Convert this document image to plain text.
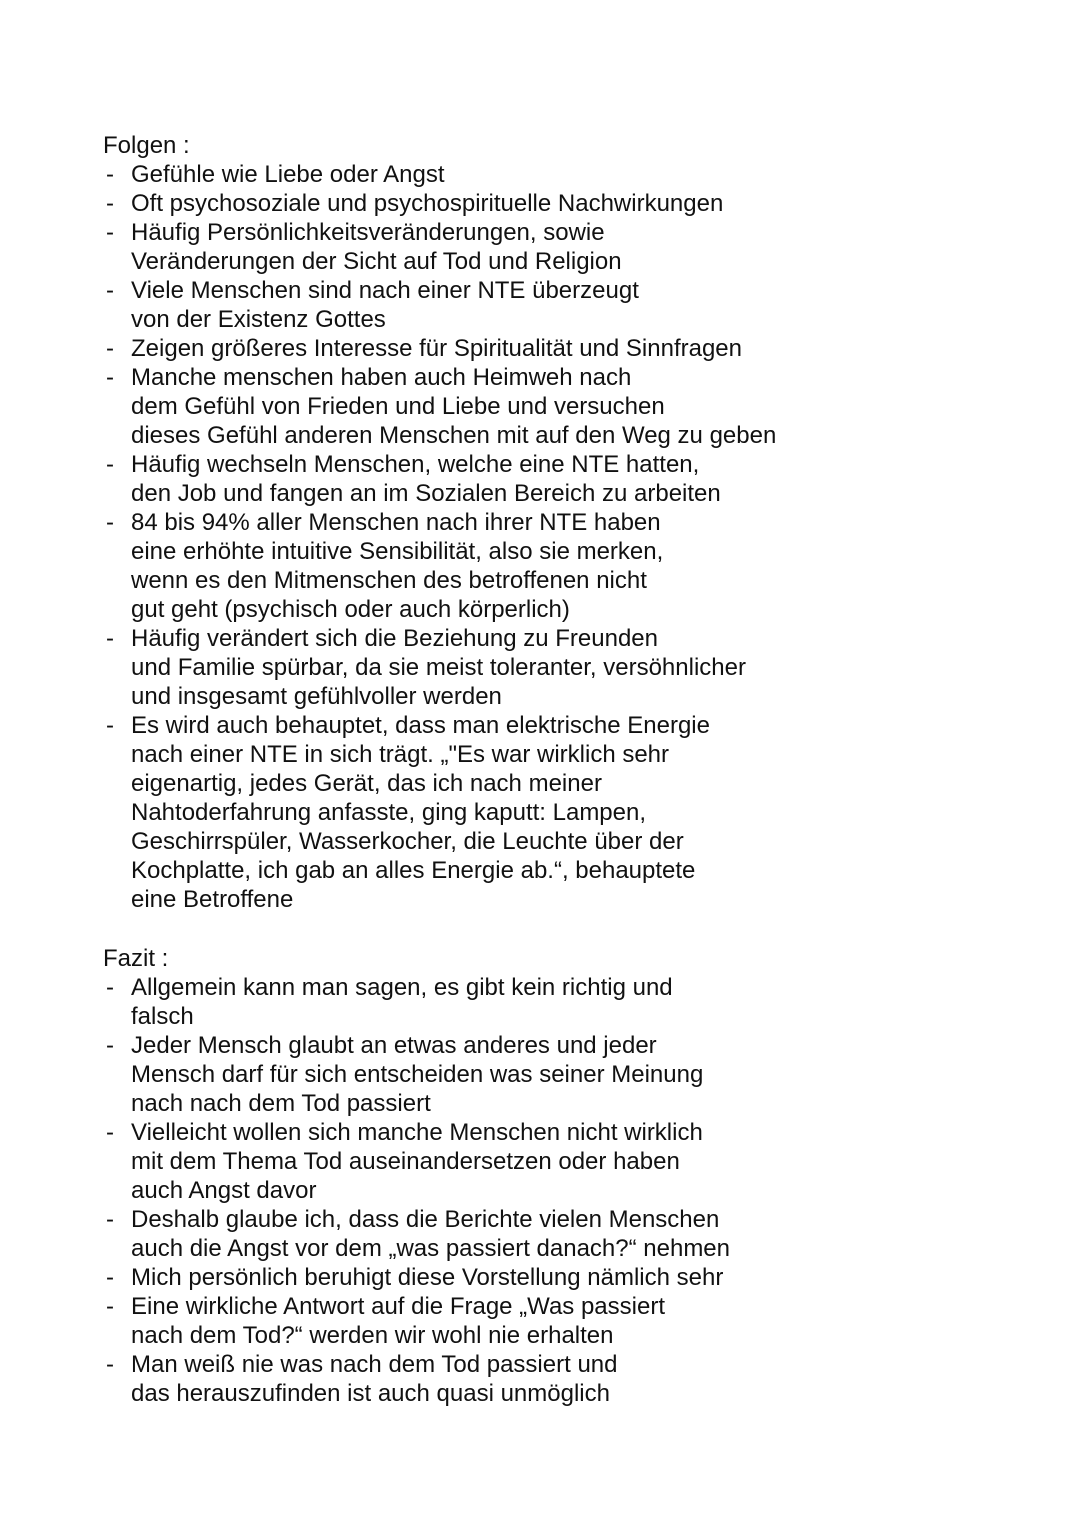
Folgen :

- Gefühle wie Liebe oder Angst
- Oft psychosoziale und psychospirituelle Nachwirkungen
- Häufig Persönlichkeitsveränderungen, sowie
Veränderungen der Sicht auf Tod und Religion
- Viele Menschen sind nach einer NTE überzeugt
von der Existenz Gottes
- Zeigen größeres Interesse für Spiritualität und Sinnfragen
- Manche menschen haben auch Heimweh nach
dem Gefühl von Frieden und Liebe und versuchen
dieses Gefühl anderen Menschen mit auf den Weg zu geben
- Häufig wechseln Menschen, welche eine NTE hatten,
den Job und fangen an im Sozialen Bereich zu arbeiten
- 84 bis 94% aller Menschen nach ihrer NTE haben
eine erhöhte intuitive Sensibilität, also sie merken,
wenn es den Mitmenschen des betroffenen nicht
gut geht (psychisch oder auch körperlich)
- Häufig verändert sich die Beziehung zu Freunden
und Familie spürbar, da sie meist toleranter, versöhnlicher
und insgesamt gefühlvoller werden
- Es wird auch behauptet, dass man elektrische Energie
nach einer NTE in sich trägt. „"Es war wirklich sehr
eigenartig, jedes Gerät, das ich nach meiner
Nahtoderfahrung anfasste, ging kaputt: Lampen,
Geschirrspüler, Wasserkocher, die Leuchte über der
Kochplatte, ich gab an alles Energie ab.“, behauptete
eine Betroffene

Fazit :

- Allgemein kann man sagen, es gibt kein richtig und
falsch
- Jeder Mensch glaubt an etwas anderes und jeder
Mensch darf für sich entscheiden was seiner Meinung
nach nach dem Tod passiert
- Vielleicht wollen sich manche Menschen nicht wirklich
mit dem Thema Tod auseinandersetzen oder haben
auch Angst davor
- Deshalb glaube ich, dass die Berichte vielen Menschen
auch die Angst vor dem „was passiert danach?“ nehmen
- Mich persönlich beruhigt diese Vorstellung nämlich sehr
- Eine wirkliche Antwort auf die Frage „Was passiert
nach dem Tod?“ werden wir wohl nie erhalten
- Man weiß nie was nach dem Tod passiert und
das herauszufinden ist auch quasi unmöglich
